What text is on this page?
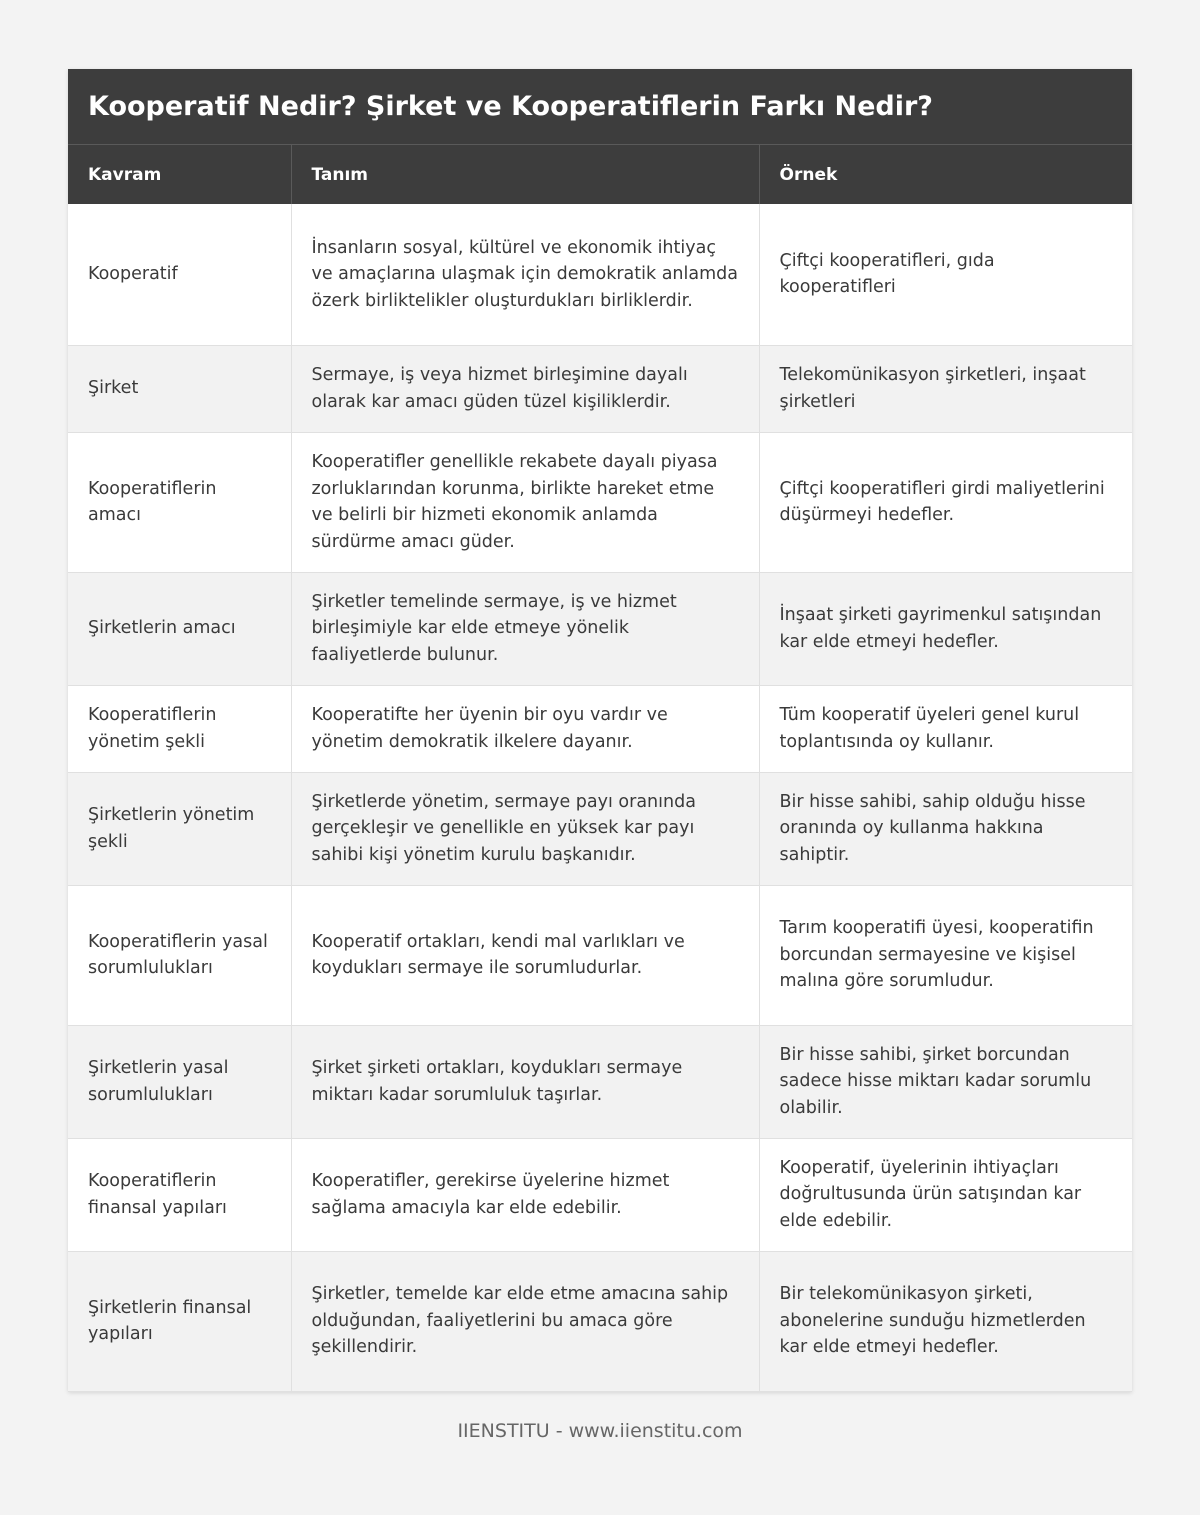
Kooperatif Nedir? Şirket ve Kooperatiflerin Farkı Nedir?
Kavram	Tanım	Örnek
Kooperatif	İnsanların sosyal, kültürel ve ekonomik ihtiyaç ve amaçlarına ulaşmak için demokratik anlamda özerk birliktelikler oluşturdukları birliklerdir.	Çiftçi kooperatifleri, gıda kooperatifleri
Şirket	Sermaye, iş veya hizmet birleşimine dayalı olarak kar amacı güden tüzel kişiliklerdir.	Telekomünikasyon şirketleri, inşaat şirketleri
Kooperatiflerin amacı	Kooperatifler genellikle rekabete dayalı piyasa zorluklarından korunma, birlikte hareket etme ve belirli bir hizmeti ekonomik anlamda sürdürme amacı güder.	Çiftçi kooperatifleri girdi maliyetlerini düşürmeyi hedefler.
Şirketlerin amacı	Şirketler temelinde sermaye, iş ve hizmet birleşimiyle kar elde etmeye yönelik faaliyetlerde bulunur.	İnşaat şirketi gayrimenkul satışından kar elde etmeyi hedefler.
Kooperatiflerin yönetim şekli	Kooperatifte her üyenin bir oyu vardır ve yönetim demokratik ilkelere dayanır.	Tüm kooperatif üyeleri genel kurul toplantısında oy kullanır.
Şirketlerin yönetim şekli	Şirketlerde yönetim, sermaye payı oranında gerçekleşir ve genellikle en yüksek kar payı sahibi kişi yönetim kurulu başkanıdır.	Bir hisse sahibi, sahip olduğu hisse oranında oy kullanma hakkına sahiptir.
Kooperatiflerin yasal sorumlulukları	Kooperatif ortakları, kendi mal varlıkları ve koydukları sermaye ile sorumludurlar.	Tarım kooperatifi üyesi, kooperatifin borcundan sermayesine ve kişisel malına göre sorumludur.
Şirketlerin yasal sorumlulukları	Şirket şirketi ortakları, koydukları sermaye miktarı kadar sorumluluk taşırlar.	Bir hisse sahibi, şirket borcundan sadece hisse miktarı kadar sorumlu olabilir.
Kooperatiflerin finansal yapıları	Kooperatifler, gerekirse üyelerine hizmet sağlama amacıyla kar elde edebilir.	Kooperatif, üyelerinin ihtiyaçları doğrultusunda ürün satışından kar elde edebilir.
Şirketlerin finansal yapıları	Şirketler, temelde kar elde etme amacına sahip olduğundan, faaliyetlerini bu amaca göre şekillendirir.	Bir telekomünikasyon şirketi, abonelerine sunduğu hizmetlerden kar elde etmeyi hedefler.
IIENSTITU - www.iienstitu.com
